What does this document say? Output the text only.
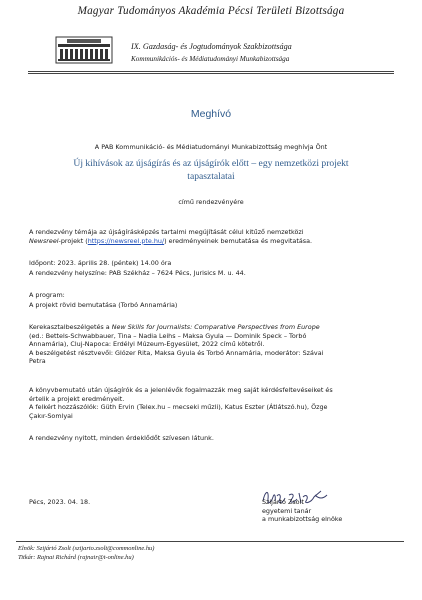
Magyar Tudományos Akadémia Pécsi Területi Bizottsága
IX. Gazdaság- és Jogtudományok Szakbizottsága
Kommunikációs- és Médiatudományi Munkabizottsága
Meghívó
A PAB Kommunikáció- és Médiatudományi Munkabizottság meghívja Önt
Új kihívások az újságírás és az újságírók előtt – egy nemzetközi projekt
tapasztalatai
című rendezvényére
A rendezvény témája az újságírásképzés tartalmi megújítását célul kitűző nemzetközi
Newsreel-projekt (https://newsreel.pte.hu/) eredményeinek bemutatása és megvitatása.
Időpont: 2023. április 28. (péntek) 14.00 óra
A rendezvény helyszíne: PAB Székház – 7624 Pécs, Jurisics M. u. 44.
A program:
A projekt rövid bemutatása (Torbó Annamária)
Kerekasztalbeszélgetés a New Skills for Journalists: Comparative Perspectives from Europe
(ed.: Bettels-Schwabbauer, Tina – Nadia Leihs – Maksa Gyula — Dominik Speck – Torbó
Annamária), Cluj-Napoca: Erdélyi Múzeum-Egyesület, 2022 című kötetről.
A beszélgetést résztvevői: Glózer Rita, Maksa Gyula és Torbó Annamária, moderátor: Szávai
Petra
A könyvbemutató után újságírók és a jelenlévők fogalmazzák meg saját kérdésfeltevéseiket és
értelik a projekt eredményeit.
A felkért hozzászólók: Güth Ervin (Telex.hu – mecseki műzli), Katus Eszter (Átlátszó.hu), Özge
Çakır-Somlyai
A rendezvény nyitott, minden érdeklődőt szívesen látunk.
Pécs, 2023. 04. 18.	Szijártó Zsolt
egyetemi tanár
a munkabizottság elnöke
Elnök: Szijártó Zsolt (szijarto.zsolt@commonline.hu)
Titkár: Rajnai Richárd (rajnair@t-online.hu)
